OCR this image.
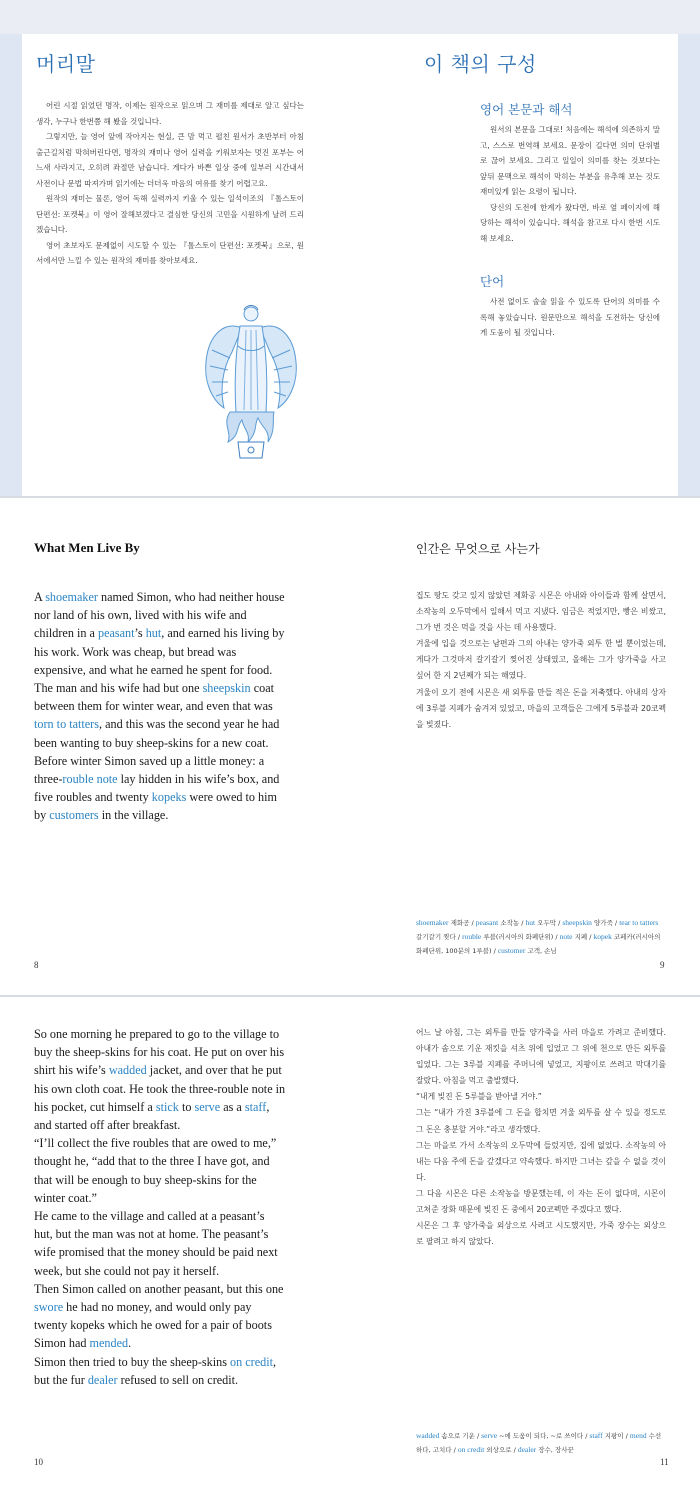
머리말

어린 시절 읽었던 명작, 이제는 원작으로 읽으며 그 재미를 제대로 알고 싶다는 생각, 누구나 한번쯤 해 봤을 것입니다.

그렇지만, 늘 영어 앞에 작아지는 현실, 큰 맘 먹고 펼친 원서가 초반부터 아침 출근길처럼 막혀버린다면, 명작의 재미나 영어 실력을 키워보자는 멋진 포부는 어느새 사라지고, 오히려 좌절만 남습니다. 게다가 바쁜 일상 중에 일부러 시간내서 사전이나 문법 따져가며 읽기에는 더더욱 마음의 여유를 찾기 어렵고요.

원작의 재미는 물론, 영어 독해 실력까지 키울 수 있는 일석이조의 『톨스토이 단편선: 포켓북』이 영어 잘해보겠다고 결심한 당신의 고민을 시원하게 날려 드리겠습니다.

영어 초보자도 문제없이 시도할 수 있는 『톨스토이 단편선: 포켓북』으로, 원서에서만 느낄 수 있는 원작의 재미를 찾아보세요.

이 책의 구성
영어 본문과 해석

원서의 본문을 그대로! 처음에는 해석에 의존하지 말고, 스스로 번역해 보세요. 문장이 길다면 의미 단위별로 끊어 보세요. 그리고 일일이 의미를 찾는 것보다는 앞뒤 문맥으로 해석이 막히는 부분을 유추해 보는 것도 재미있게 읽는 요령이 됩니다.

당신의 도전에 한계가 왔다면, 바로 옆 페이지에 해당하는 해석이 있습니다. 해석을 참고로 다시 한번 시도해 보세요.

단어

사전 없이도 술술 읽을 수 있도록 단어의 의미를 수록해 놓았습니다. 원문만으로 해석을 도전하는 당신에게 도움이 될 것입니다.

What Men Live By
A shoemaker named Simon, who had neither house nor land of his own, lived with his wife and children in a peasant’s hut, and earned his living by his work. Work was cheap, but bread was expensive, and what he earned he spent for food. The man and his wife had but one sheepskin coat between them for winter wear, and even that was torn to tatters, and this was the second year he had been wanting to buy sheep-skins for a new coat. Before winter Simon saved up a little money: a three-rouble note lay hidden in his wife’s box, and five roubles and twenty kopeks were owed to him by customers in the village.
8
인간은 무엇으로 사는가

집도 땅도 갖고 있지 않았던 제화공 시몬은 아내와 아이들과 함께 살면서, 소작농의 오두막에서 일해서 먹고 지냈다. 임금은 적었지만, 빵은 비쌌고, 그가 번 것은 먹을 것을 사는 데 사용했다.

겨울에 입을 것으로는 남편과 그의 아내는 양가죽 외투 한 벌 뿐이었는데, 게다가 그것마저 갈기갈기 찢어진 상태였고, 올해는 그가 양가죽을 사고 싶어 한 지 2년째가 되는 해였다.

겨울이 오기 전에 시몬은 새 외투를 만들 적은 돈을 저축했다. 아내의 상자에 3루블 지폐가 숨겨져 있었고, 마을의 고객들은 그에게 5루블과 20코펙을 빚졌다.

shoemaker 제화공 / peasant 소작농 / hut 오두막 / sheepskin 양가죽 / tear to tatters 갈기갈기 찢다 / rouble 루블(러시아의 화폐단위) / note 지폐 / kopek 코페카(러시아의 화폐단위, 100분의 1루블) / customer 고객, 손님
9
So one morning he prepared to go to the village to buy the sheep-skins for his coat. He put on over his shirt his wife’s wadded jacket, and over that he put his own cloth coat. He took the three-rouble note in his pocket, cut himself a stick to serve as a staff, and started off after breakfast.
“I’ll collect the five roubles that are owed to me,” thought he, “add that to the three I have got, and that will be enough to buy sheep-skins for the winter coat.”
He came to the village and called at a peasant’s hut, but the man was not at home. The peasant’s wife promised that the money should be paid next week, but she could not pay it herself.
Then Simon called on another peasant, but this one swore he had no money, and would only pay twenty kopeks which he owed for a pair of boots Simon had mended.
Simon then tried to buy the sheep-skins on credit, but the fur dealer refused to sell on credit.
10

어느 날 아침, 그는 외투를 만들 양가죽을 사러 마을로 가려고 준비했다. 아내가 솜으로 기운 재킷을 셔츠 위에 입었고 그 위에 천으로 만든 외투를 입었다. 그는 3루블 지폐를 주머니에 넣었고, 지팡이로 쓰려고 막대기를 잘랐다. 아침을 먹고 출발했다.

“내게 빚진 돈 5루블을 받아낼 거야.”

그는 “내가 가진 3루블에 그 돈을 합치면 겨울 외투를 살 수 있을 정도로 그 돈은 충분할 거야.”라고 생각했다.

그는 마을로 가서 소작농의 오두막에 들렀지만, 집에 없었다. 소작농의 아내는 다음 주에 돈을 갚겠다고 약속했다. 하지만 그녀는 갚을 수 없을 것이다.

그 다음 시몬은 다른 소작농을 방문했는데, 이 자는 돈이 없다며, 시몬이 고쳐준 장화 때문에 빚진 돈 중에서 20코펙만 주겠다고 했다.

시몬은 그 후 양가죽을 외상으로 사려고 시도했지만, 가죽 장수는 외상으로 팔려고 하지 않았다.

wadded 솜으로 기운 / serve ~에 도움이 되다, ~로 쓰이다 / staff 지팡이 / mend 수선하다, 고치다 / on credit 외상으로 / dealer 장수, 장사꾼
11
